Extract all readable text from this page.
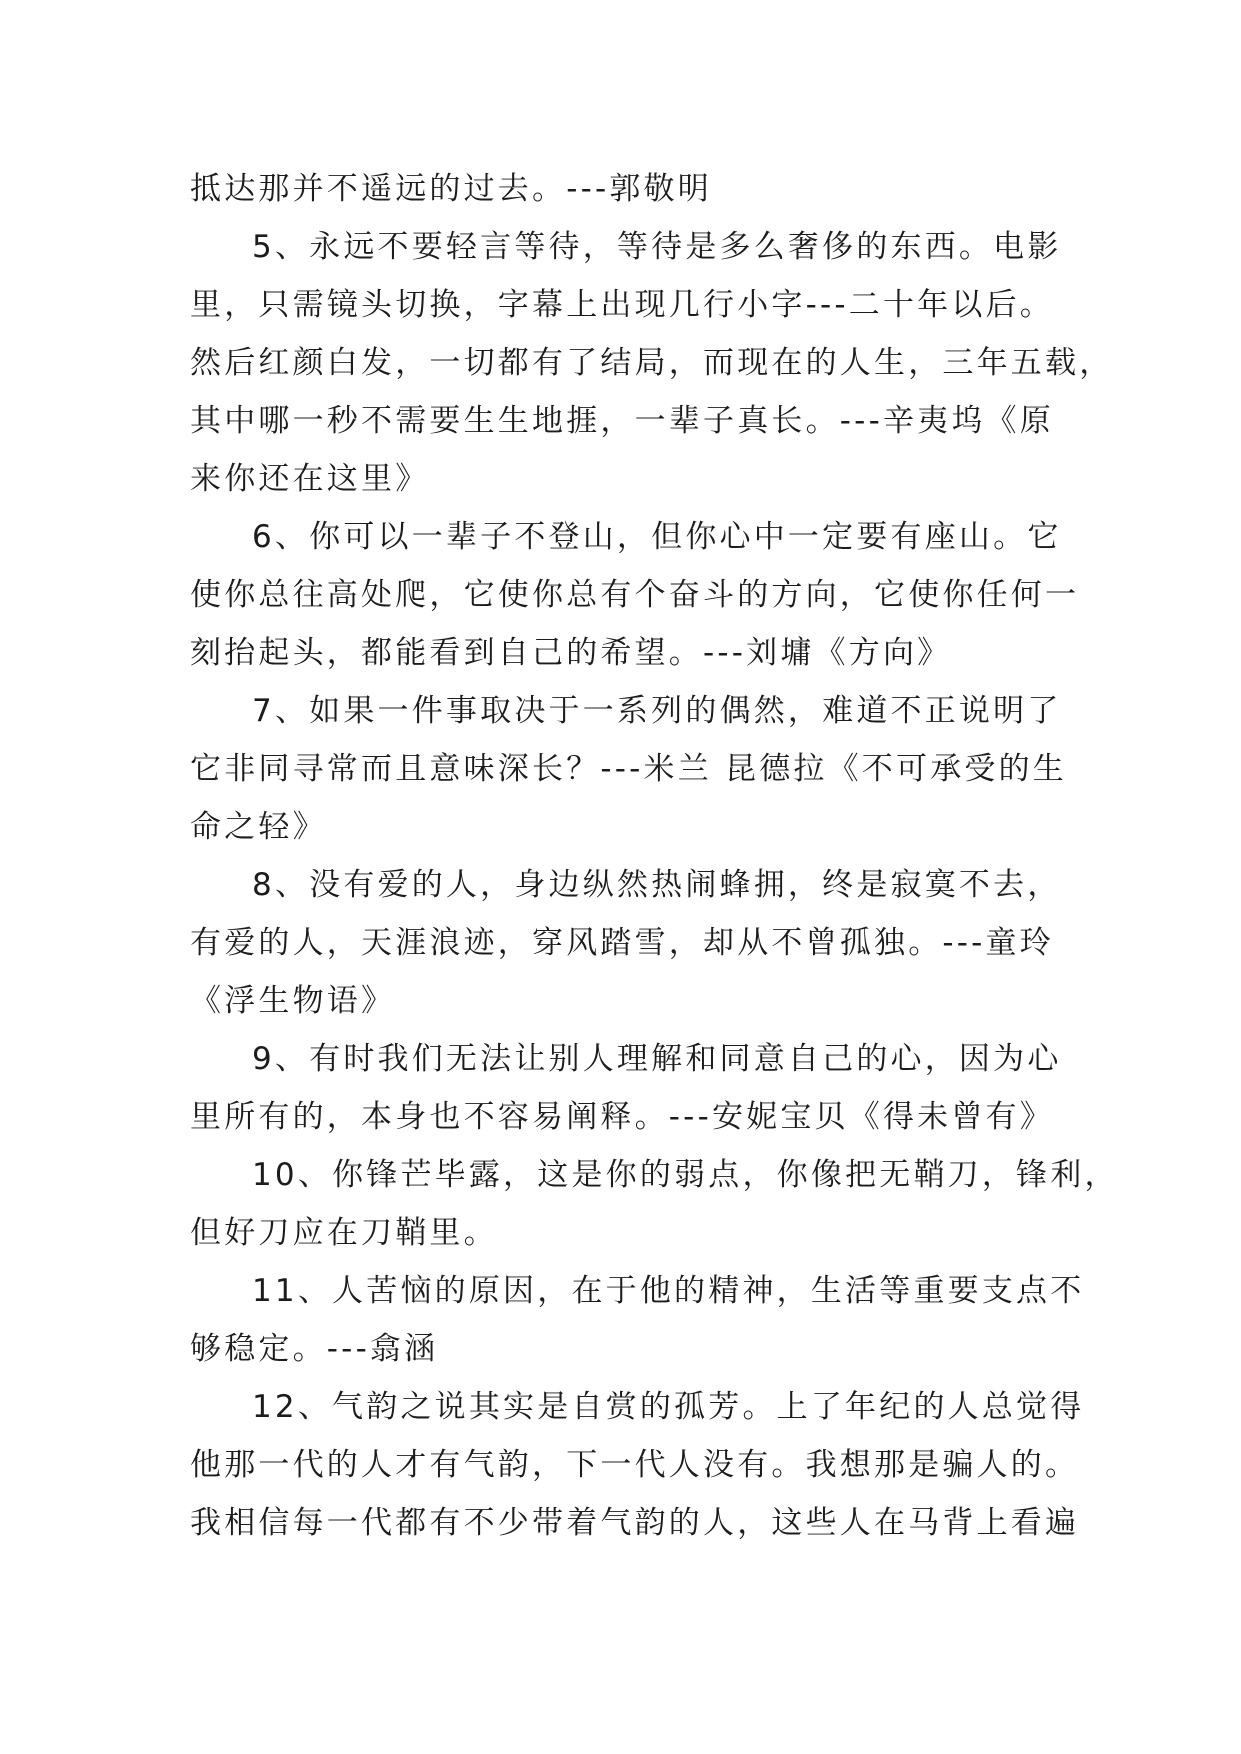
抵达那并不遥远的过去。---郭敬明
5、永远不要轻言等待，等待是多么奢侈的东西。电影
里，只需镜头切换，字幕上出现几行小字---二十年以后。
然后红颜白发，一切都有了结局，而现在的人生，三年五载，
其中哪一秒不需要生生地捱，一辈子真长。---辛夷坞《原
来你还在这里》
6、你可以一辈子不登山，但你心中一定要有座山。它
使你总往高处爬，它使你总有个奋斗的方向，它使你任何一
刻抬起头，都能看到自己的希望。---刘墉《方向》
7、如果一件事取决于一系列的偶然，难道不正说明了
它非同寻常而且意味深长？---米兰 昆德拉《不可承受的生
命之轻》
8、没有爱的人，身边纵然热闹蜂拥，终是寂寞不去，
有爱的人，天涯浪迹，穿风踏雪，却从不曾孤独。---童玲
《浮生物语》
9、有时我们无法让别人理解和同意自己的心，因为心
里所有的，本身也不容易阐释。---安妮宝贝《得未曾有》
10、你锋芒毕露，这是你的弱点，你像把无鞘刀，锋利，
但好刀应在刀鞘里。
11、人苦恼的原因，在于他的精神，生活等重要支点不
够稳定。---翕涵
12、气韵之说其实是自赏的孤芳。上了年纪的人总觉得
他那一代的人才有气韵，下一代人没有。我想那是骗人的。
我相信每一代都有不少带着气韵的人，这些人在马背上看遍
